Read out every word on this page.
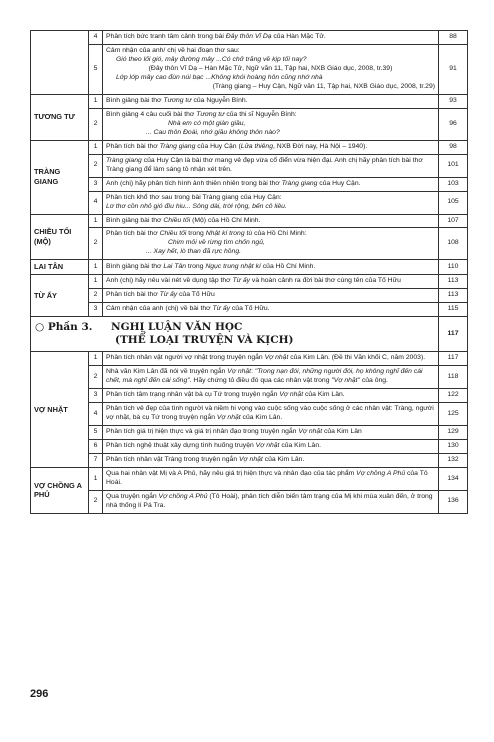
	4	Phân tích bức tranh tâm cảnh trong bài Đây thôn Vĩ Dạ của Hàn Mặc Tử.	88
	5	Cảm nhận của anh/ chị về hai đoạn thơ sau:
Gió theo lối gió, mây đường mây ...Có chở trăng về kịp tối nay?
(Đây thôn Vĩ Dạ – Hàn Mặc Tử, Ngữ văn 11, Tập hai, NXB Giáo dục, 2008, tr.39)
Lớp lớp mây cao đùn núi bạc ...Không khói hoàng hôn cũng nhớ nhà
(Tràng giang – Huy Cận, Ngữ văn 11, Tập hai, NXB Giáo dục, 2008, tr.29)	91
TƯƠNG TƯ	1	Bình giảng bài thơ Tương tư của Nguyễn Bính.	93
	2	Bình giảng 4 câu cuối bài thơ Tương tư của thi sĩ Nguyễn Bính:
Nhà em có một giàn giầu,
... Cau thôn Đoài, nhớ giầu không thôn nào?	96
TRÀNG GIANG	1	Phân tích bài thơ Tràng giang của Huy Cận (Lửa thiêng, NXB Đời nay, Hà Nội – 1940).	98
	2	Tràng giang của Huy Cận là bài thơ mang vẻ đẹp vừa cổ điển vừa hiện đại. Anh chị hãy phân tích bài thơ Tràng giang để làm sáng tỏ nhận xét trên.	101
	3	Anh (chị) hãy phân tích hình ảnh thiên nhiên trong bài thơ Tràng giang của Huy Cận.	103
	4	Phân tích khổ thơ sau trong bài Tràng giang của Huy Cận:
Lơ thơ cồn nhỏ gió đìu hiu... Sông dài, trời rộng, bến cô liêu.	105
CHIỀU TỐI (MỘ)	1	Bình giảng bài thơ Chiều tối (Mộ) của Hồ Chí Minh.	107
	2	Phân tích bài thơ Chiều tối trong Nhật kí trong tù của Hồ Chí Minh:
Chim mỏi về rừng tìm chốn ngủ,
... Xay hết, lò than đã rực hồng.	108
LAI TÂN	1	Bình giảng bài thơ Lai Tân trong Ngục trung nhật kí của Hồ Chí Minh.	110
TỪ ẤY	1	Anh (chị) hãy nêu vài nét về dụng tập thơ Từ ấy và hoàn cảnh ra đời bài thơ cùng tên của Tố Hữu	113
	2	Phân tích bài thơ Từ ấy của Tố Hữu	113
	3	Cảm nhận của anh (chị) về bài thơ Từ ấy của Tố Hữu.	115
○ Phần 3. NGHỊ LUẬN VĂN HỌC
(THỂ LOẠI TRUYỆN VÀ KỊCH)			117
VỢ NHẶT	1	Phân tích nhân vật người vợ nhặt trong truyện ngắn Vợ nhặt của Kim Lân. (Đề thi Văn khối C, năm 2003).	117
	2	Nhà văn Kim Lân đã nói về truyện ngắn Vợ nhặt: "Trong nạn đói, những người đói, họ không nghĩ đến cái chết, mà nghĩ đến cái sống". Hãy chứng tỏ điều đó qua các nhân vật trong "Vợ nhặt" của ông.	118
	3	Phân tích tâm trạng nhân vật bà cụ Tứ trong truyện ngắn Vợ nhặt của Kim Lân.	122
	4	Phân tích vẻ đẹp của tình người và niềm hi vọng vào cuộc sống vào cuộc sống ở các nhân vật: Tràng, người vợ nhặt, bà cụ Tứ trong truyện ngắn Vợ nhặt của Kim Lân.	125
	5	Phân tích giá trị hiện thực và giá trị nhân đạo trong truyện ngắn Vợ nhặt của Kim Lân	129
	6	Phân tích nghệ thuật xây dựng tình huống truyện Vợ nhặt của Kim Lân.	130
	7	Phân tích nhân vật Tràng trong truyện ngắn Vợ nhặt của Kim Lân.	132
VỢ CHỒNG A PHỦ	1	Qua hai nhân vật Mị và A Phủ, hãy nêu giá trị hiện thực và nhân đạo của tác phẩm Vợ chồng A Phủ của Tô Hoài.	134
	2	Qua truyện ngắn Vợ chồng A Phủ (Tô Hoài), phân tích diễn biến tâm trạng của Mị khi mùa xuân đến, ở trong nhà thống lí Pá Tra.	136
296
